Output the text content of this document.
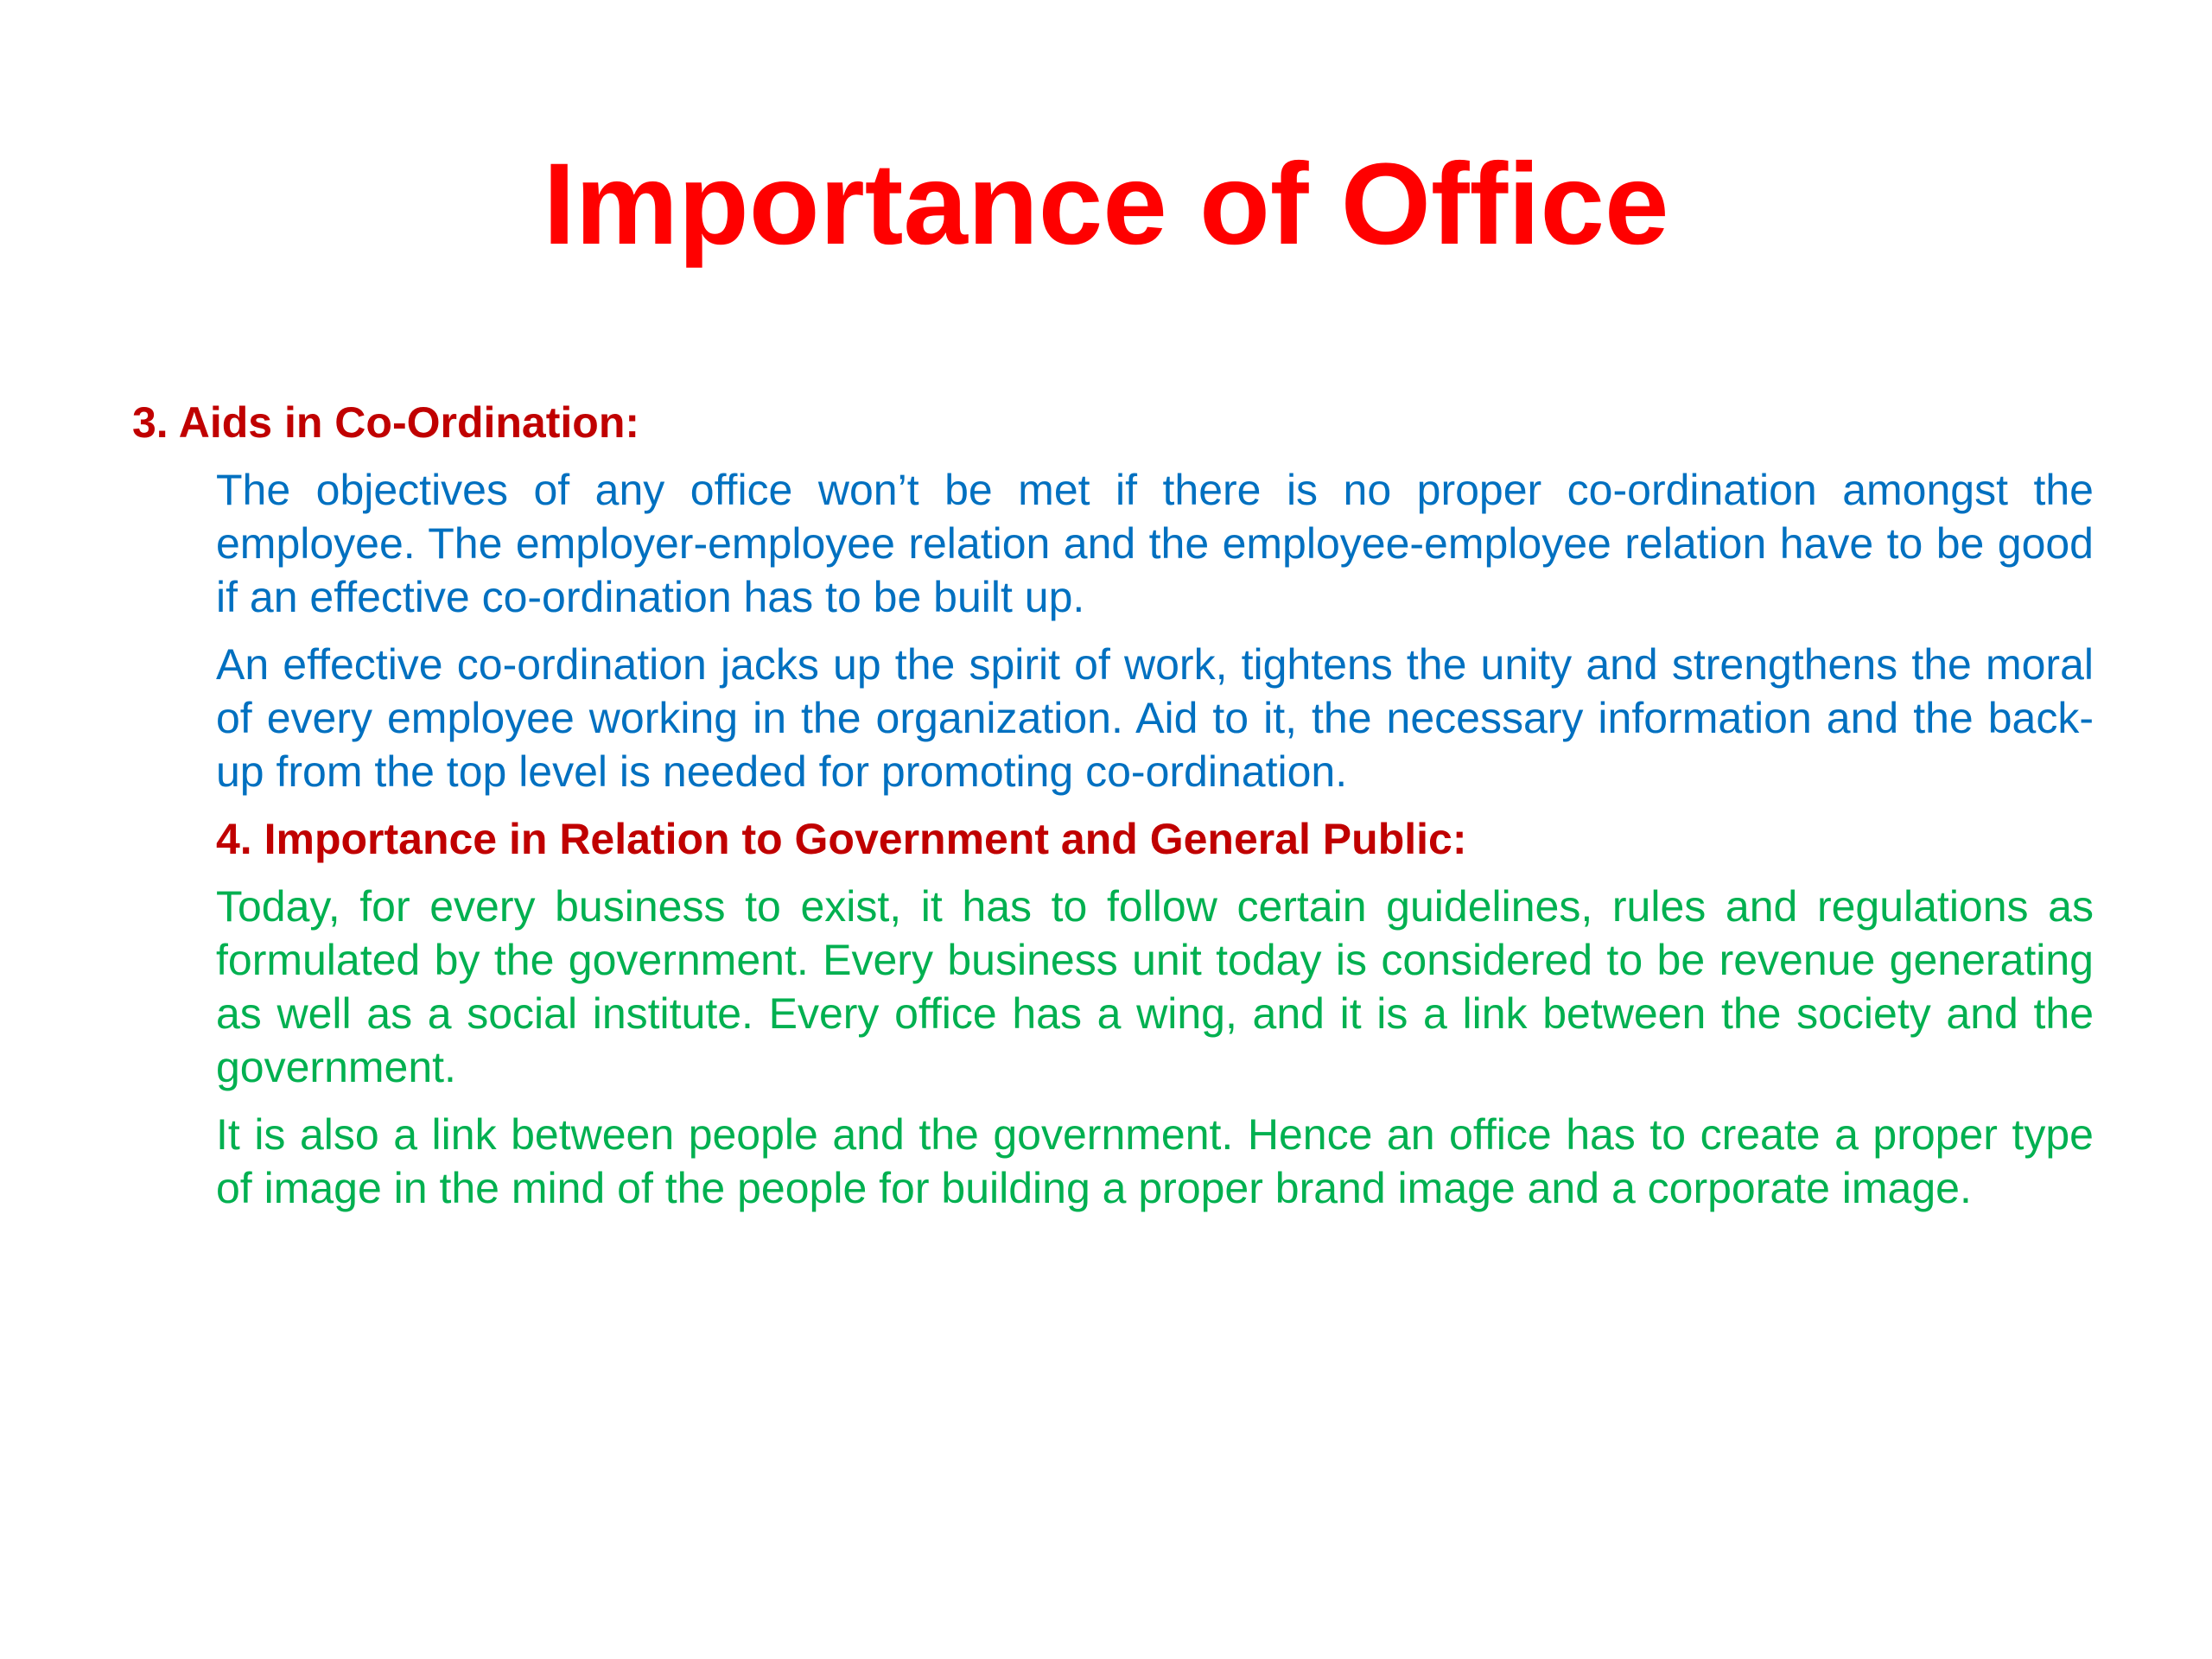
Importance of Office

3. Aids in Co-Ordination:

The objectives of any office won’t be met if there is no proper co-ordination amongst the employee. The employer-employee relation and the employee-employee relation have to be good if an effective co-ordination has to be built up.

An effective co-ordination jacks up the spirit of work, tightens the unity and strengthens the moral of every employee working in the organization. Aid to it, the necessary information and the back-up from the top level is needed for promoting co-ordination.

4. Importance in Relation to Government and General Public:

Today, for every business to exist, it has to follow certain guidelines, rules and regulations as formulated by the government. Every business unit today is considered to be revenue generating as well as a social institute. Every office has a wing, and it is a link between the society and the government.

It is also a link between people and the government. Hence an office has to create a proper type of image in the mind of the people for building a proper brand image and a corporate image.
